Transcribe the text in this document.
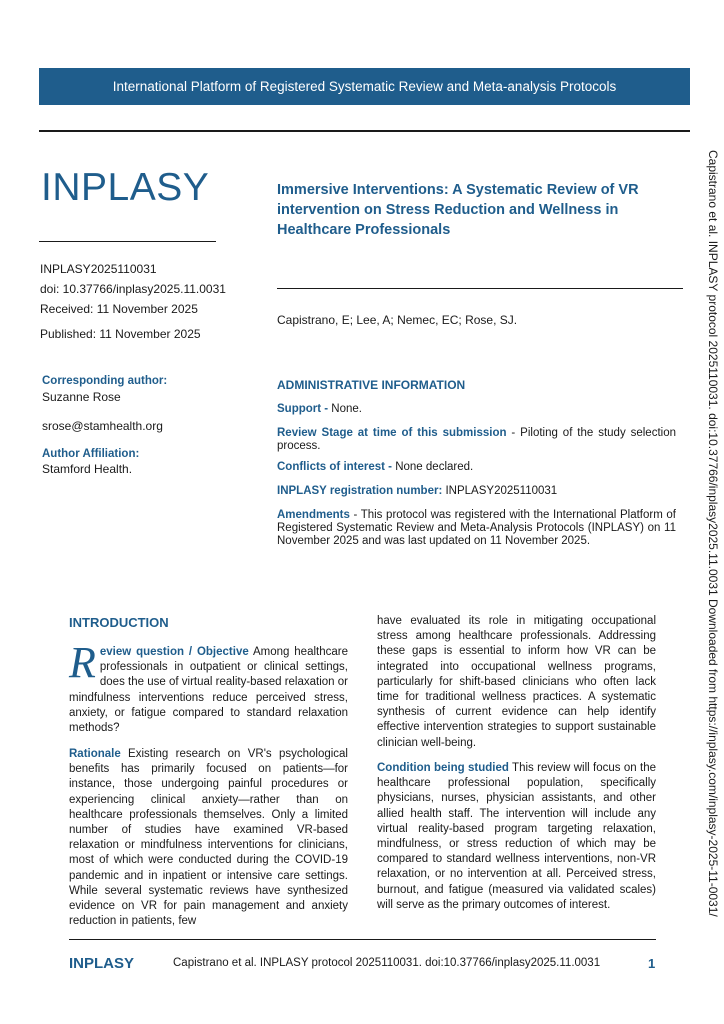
International Platform of Registered Systematic Review and Meta-analysis Protocols
INPLASY
INPLASY2025110031
doi: 10.37766/inplasy2025.11.0031
Received: 11 November 2025
Published: 11 November 2025
Immersive Interventions: A Systematic Review of VR intervention on Stress Reduction and Wellness in Healthcare Professionals
Capistrano, E; Lee, A; Nemec, EC; Rose, SJ.
Corresponding author:
Suzanne Rose
srose@stamhealth.org
Author Affiliation:
Stamford Health.
ADMINISTRATIVE INFORMATION
Support - None.
Review Stage at time of this submission - Piloting of the study selection process.
Conflicts of interest - None declared.
INPLASY registration number: INPLASY2025110031
Amendments - This protocol was registered with the International Platform of Registered Systematic Review and Meta-Analysis Protocols (INPLASY) on 11 November 2025 and was last updated on 11 November 2025.
INTRODUCTION
Review question / Objective Among healthcare professionals in outpatient or clinical settings, does the use of virtual reality-based relaxation or mindfulness interventions reduce perceived stress, anxiety, or fatigue compared to standard relaxation methods?
Rationale Existing research on VR's psychological benefits has primarily focused on patients—for instance, those undergoing painful procedures or experiencing clinical anxiety—rather than on healthcare professionals themselves. Only a limited number of studies have examined VR-based relaxation or mindfulness interventions for clinicians, most of which were conducted during the COVID-19 pandemic and in inpatient or intensive care settings. While several systematic reviews have synthesized evidence on VR for pain management and anxiety reduction in patients, few
have evaluated its role in mitigating occupational stress among healthcare professionals. Addressing these gaps is essential to inform how VR can be integrated into occupational wellness programs, particularly for shift-based clinicians who often lack time for traditional wellness practices. A systematic synthesis of current evidence can help identify effective intervention strategies to support sustainable clinician well-being.
Condition being studied This review will focus on the healthcare professional population, specifically physicians, nurses, physician assistants, and other allied health staff. The intervention will include any virtual reality-based program targeting relaxation, mindfulness, or stress reduction of which may be compared to standard wellness interventions, non-VR relaxation, or no intervention at all. Perceived stress, burnout, and fatigue (measured via validated scales) will serve as the primary outcomes of interest.	Capistrano et al. INPLASY protocol 2025110031. doi:10.37766/inplasy2025.11.0031 Downloaded from https://inplasy.com/inplasy-2025-11-0031/
INPLASY	Capistrano et al. INPLASY protocol 2025110031. doi:10.37766/inplasy2025.11.0031	1
